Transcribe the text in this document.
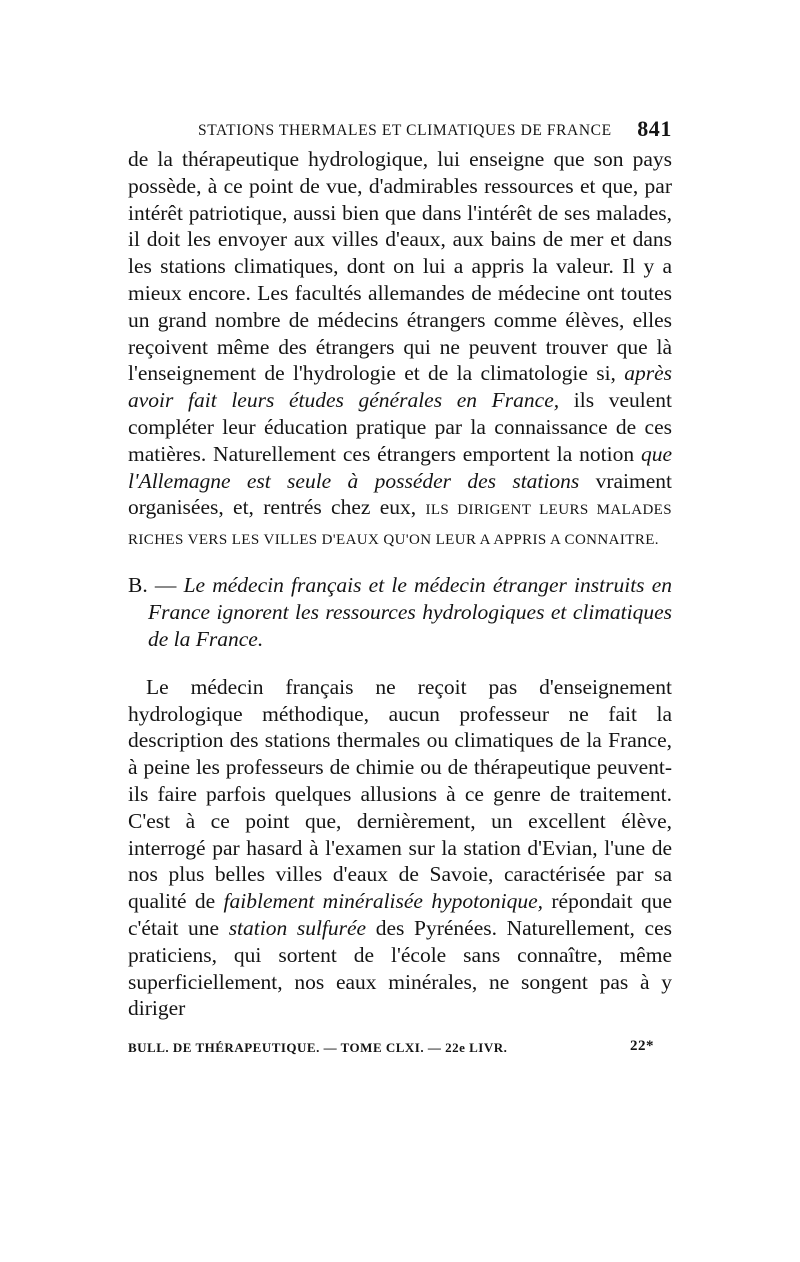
STATIONS THERMALES ET CLIMATIQUES DE FRANCE 841

de la thérapeutique hydrologique, lui enseigne que son pays possède, à ce point de vue, d'admirables ressources et que, par intérêt patriotique, aussi bien que dans l'intérêt de ses malades, il doit les envoyer aux villes d'eaux, aux bains de mer et dans les stations climatiques, dont on lui a appris la valeur. Il y a mieux encore. Les facultés allemandes de médecine ont toutes un grand nombre de médecins étrangers comme élèves, elles reçoivent même des étrangers qui ne peuvent trouver que là l'enseignement de l'hydrologie et de la climatologie si, après avoir fait leurs études générales en France, ils veulent compléter leur éducation pratique par la connaissance de ces matières. Naturellement ces étrangers emportent la notion que l'Allemagne est seule à posséder des stations vraiment organisées, et, rentrés chez eux, ILS DIRIGENT LEURS MALADES RICHES VERS LES VILLES D'EAUX QU'ON LEUR A APPRIS A CONNAITRE.

B. — Le médecin français et le médecin étranger instruits en France ignorent les ressources hydrologiques et climatiques de la France.

Le médecin français ne reçoit pas d'enseignement hydrologique méthodique, aucun professeur ne fait la description des stations thermales ou climatiques de la France, à peine les professeurs de chimie ou de thérapeutique peuvent-ils faire parfois quelques allusions à ce genre de traitement. C'est à ce point que, dernièrement, un excellent élève, interrogé par hasard à l'examen sur la station d'Evian, l'une de nos plus belles villes d'eaux de Savoie, caractérisée par sa qualité de faiblement minéralisée hypotonique, répondait que c'était une station sulfurée des Pyrénées. Naturellement, ces praticiens, qui sortent de l'école sans connaître, même superficiellement, nos eaux minérales, ne songent pas à y diriger

BULL. DE THÉRAPEUTIQUE. — TOME CLXI. — 22e LIVR.	22*
